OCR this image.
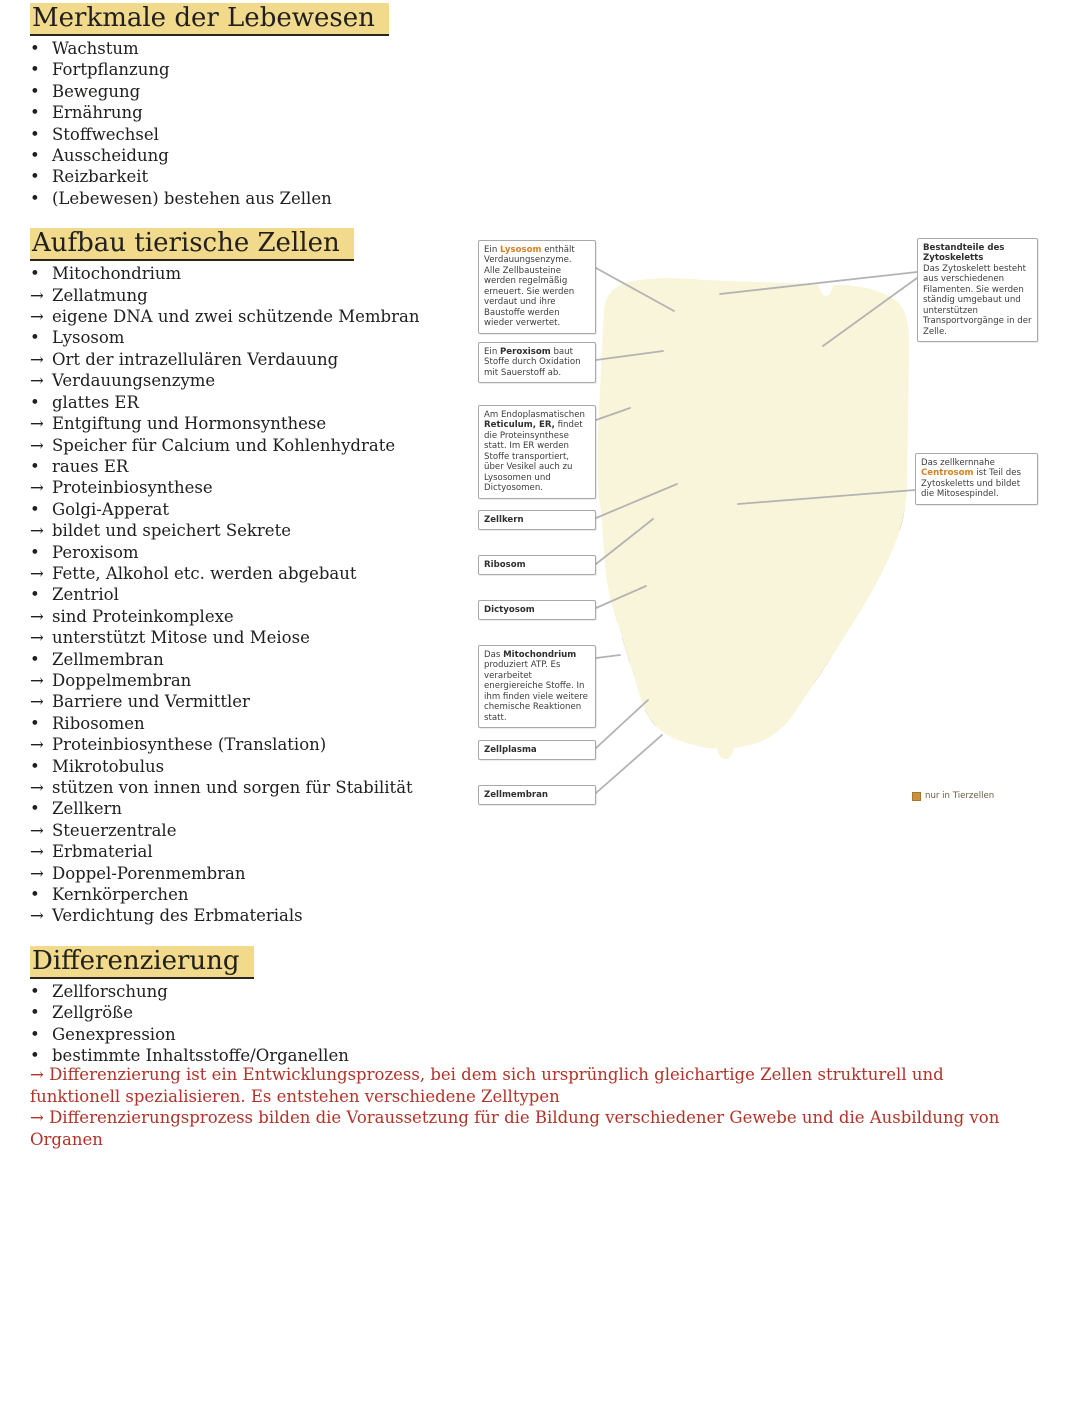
Merkmale der Lebewesen
• Wachstum
• Fortpflanzung
• Bewegung
• Ernährung
• Stoffwechsel
• Ausscheidung
• Reizbarkeit
• (Lebewesen) bestehen aus Zellen
Aufbau tierische Zellen
• Mitochondrium
→ Zellatmung
→ eigene DNA und zwei schützende Membran
• Lysosom
→ Ort der intrazellulären Verdauung
→ Verdauungsenzyme
• glattes ER
→ Entgiftung und Hormonsynthese
→ Speicher für Calcium und Kohlenhydrate
• raues ER
→ Proteinbiosynthese
• Golgi-Apperat
→ bildet und speichert Sekrete
• Peroxisom
→ Fette, Alkohol etc. werden abgebaut
• Zentriol
→ sind Proteinkomplexe
→ unterstützt Mitose und Meiose
• Zellmembran
→ Doppelmembran
→ Barriere und Vermittler
• Ribosomen
→ Proteinbiosynthese (Translation)
• Mikrotobulus
→ stützen von innen und sorgen für Stabilität
• Zellkern
→ Steuerzentrale
→ Erbmaterial
→ Doppel-Porenmembran
• Kernkörperchen
→ Verdichtung des Erbmaterials
Differenzierung
• Zellforschung
• Zellgröße
• Genexpression
• bestimmte Inhaltsstoffe/Organellen

→ Differenzierung ist ein Entwicklungsprozess, bei dem sich ursprünglich gleichartige Zellen strukturell und funktionell spezialisieren. Es entstehen verschiedene Zelltypen

→ Differenzierungsprozess bilden die Voraussetzung für die Bildung verschiedener Gewebe und die Ausbildung von Organen

Ein Lysosom enthält Verdauungsenzyme. Alle Zellbausteine werden regelmäßig erneuert. Sie werden verdaut und ihre Baustoffe werden wieder verwertet.
Ein Peroxisom baut Stoffe durch Oxidation mit Sauerstoff ab.
Am Endoplasmatischen Reticulum, ER, findet die Proteinsynthese statt. Im ER werden Stoffe transportiert, über Vesikel auch zu Lysosomen und Dictyosomen.
Zellkern
Ribosom
Dictyosom
Das Mitochondrium produziert ATP. Es verarbeitet energiereiche Stoffe. In ihm finden viele weitere chemische Reaktionen statt.
Zellplasma
Zellmembran
Bestandteile des Zytoskeletts
Das Zytoskelett besteht aus verschiedenen Filamenten. Sie werden ständig umgebaut und unterstützen Transportvorgänge in der Zelle.
Das zellkernnahe Centrosom ist Teil des Zytoskeletts und bildet die Mitosespindel.
nur in Tierzellen
